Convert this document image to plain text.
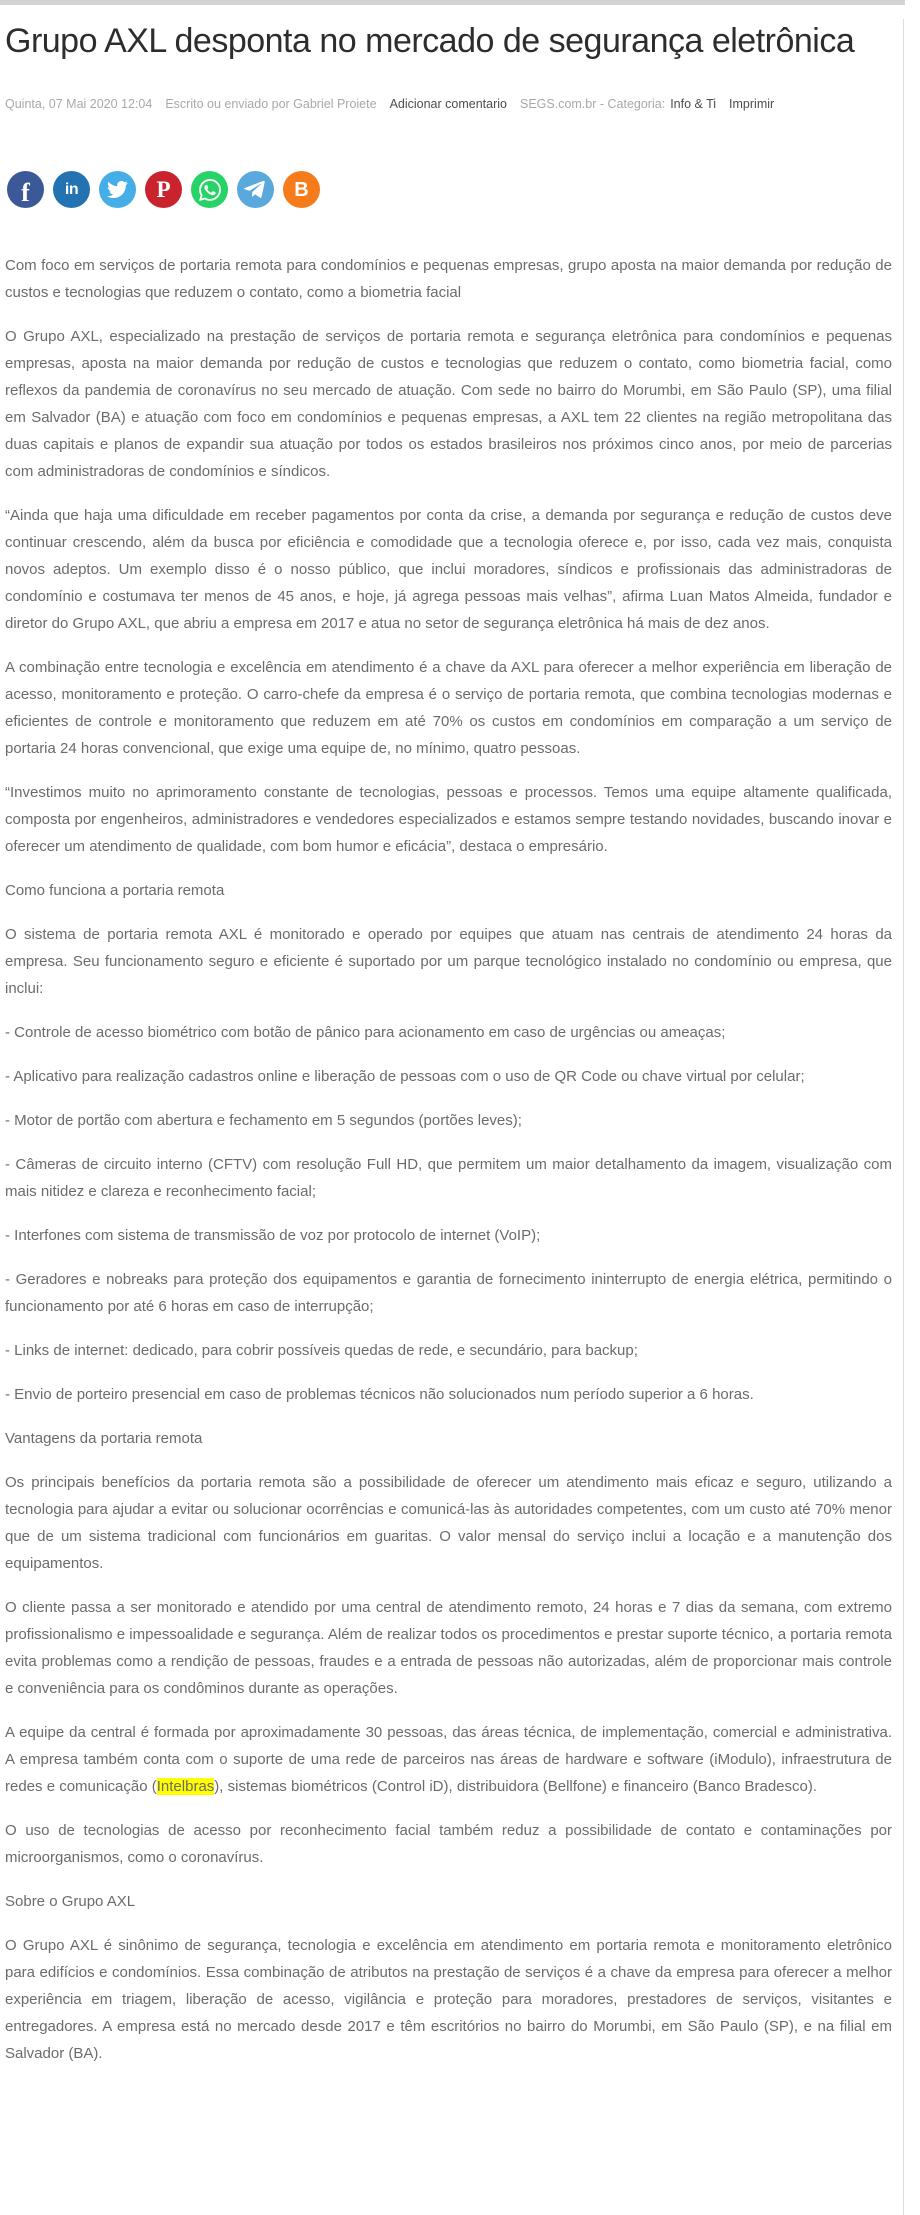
Grupo AXL desponta no mercado de segurança eletrônica
Quinta, 07 Mai 2020 12:04 Escrito ou enviado por Gabriel Proiete Adicionar comentario SEGS.com.br - Categoria: Info & Ti Imprimir
f in	P	B

Com foco em serviços de portaria remota para condomínios e pequenas empresas, grupo aposta na maior demanda por redução de custos e tecnologias que reduzem o contato, como a biometria facial

O Grupo AXL, especializado na prestação de serviços de portaria remota e segurança eletrônica para condomínios e pequenas empresas, aposta na maior demanda por redução de custos e tecnologias que reduzem o contato, como biometria facial, como reflexos da pandemia de coronavírus no seu mercado de atuação. Com sede no bairro do Morumbi, em São Paulo (SP), uma filial em Salvador (BA) e atuação com foco em condomínios e pequenas empresas, a AXL tem 22 clientes na região metropolitana das duas capitais e planos de expandir sua atuação por todos os estados brasileiros nos próximos cinco anos, por meio de parcerias com administradoras de condomínios e síndicos.

“Ainda que haja uma dificuldade em receber pagamentos por conta da crise, a demanda por segurança e redução de custos deve continuar crescendo, além da busca por eficiência e comodidade que a tecnologia oferece e, por isso, cada vez mais, conquista novos adeptos. Um exemplo disso é o nosso público, que inclui moradores, síndicos e profissionais das administradoras de condomínio e costumava ter menos de 45 anos, e hoje, já agrega pessoas mais velhas”, afirma Luan Matos Almeida, fundador e diretor do Grupo AXL, que abriu a empresa em 2017 e atua no setor de segurança eletrônica há mais de dez anos.

A combinação entre tecnologia e excelência em atendimento é a chave da AXL para oferecer a melhor experiência em liberação de acesso, monitoramento e proteção. O carro-chefe da empresa é o serviço de portaria remota, que combina tecnologias modernas e eficientes de controle e monitoramento que reduzem em até 70% os custos em condomínios em comparação a um serviço de portaria 24 horas convencional, que exige uma equipe de, no mínimo, quatro pessoas.

“Investimos muito no aprimoramento constante de tecnologias, pessoas e processos. Temos uma equipe altamente qualificada, composta por engenheiros, administradores e vendedores especializados e estamos sempre testando novidades, buscando inovar e oferecer um atendimento de qualidade, com bom humor e eficácia”, destaca o empresário.

Como funciona a portaria remota

O sistema de portaria remota AXL é monitorado e operado por equipes que atuam nas centrais de atendimento 24 horas da empresa. Seu funcionamento seguro e eficiente é suportado por um parque tecnológico instalado no condomínio ou empresa, que inclui:

- Controle de acesso biométrico com botão de pânico para acionamento em caso de urgências ou ameaças;

- Aplicativo para realização cadastros online e liberação de pessoas com o uso de QR Code ou chave virtual por celular;

- Motor de portão com abertura e fechamento em 5 segundos (portões leves);

- Câmeras de circuito interno (CFTV) com resolução Full HD, que permitem um maior detalhamento da imagem, visualização com mais nitidez e clareza e reconhecimento facial;

- Interfones com sistema de transmissão de voz por protocolo de internet (VoIP);

- Geradores e nobreaks para proteção dos equipamentos e garantia de fornecimento ininterrupto de energia elétrica, permitindo o funcionamento por até 6 horas em caso de interrupção;

- Links de internet: dedicado, para cobrir possíveis quedas de rede, e secundário, para backup;

- Envio de porteiro presencial em caso de problemas técnicos não solucionados num período superior a 6 horas.

Vantagens da portaria remota

Os principais benefícios da portaria remota são a possibilidade de oferecer um atendimento mais eficaz e seguro, utilizando a tecnologia para ajudar a evitar ou solucionar ocorrências e comunicá-las às autoridades competentes, com um custo até 70% menor que de um sistema tradicional com funcionários em guaritas. O valor mensal do serviço inclui a locação e a manutenção dos equipamentos.

O cliente passa a ser monitorado e atendido por uma central de atendimento remoto, 24 horas e 7 dias da semana, com extremo profissionalismo e impessoalidade e segurança. Além de realizar todos os procedimentos e prestar suporte técnico, a portaria remota evita problemas como a rendição de pessoas, fraudes e a entrada de pessoas não autorizadas, além de proporcionar mais controle e conveniência para os condôminos durante as operações.

A equipe da central é formada por aproximadamente 30 pessoas, das áreas técnica, de implementação, comercial e administrativa. A empresa também conta com o suporte de uma rede de parceiros nas áreas de hardware e software (iModulo), infraestrutura de redes e comunicação (Intelbras), sistemas biométricos (Control iD), distribuidora (Bellfone) e financeiro (Banco Bradesco).

O uso de tecnologias de acesso por reconhecimento facial também reduz a possibilidade de contato e contaminações por microorganismos, como o coronavírus.

Sobre o Grupo AXL

O Grupo AXL é sinônimo de segurança, tecnologia e excelência em atendimento em portaria remota e monitoramento eletrônico para edifícios e condomínios. Essa combinação de atributos na prestação de serviços é a chave da empresa para oferecer a melhor experiência em triagem, liberação de acesso, vigilância e proteção para moradores, prestadores de serviços, visitantes e entregadores. A empresa está no mercado desde 2017 e têm escritórios no bairro do Morumbi, em São Paulo (SP), e na filial em Salvador (BA).
